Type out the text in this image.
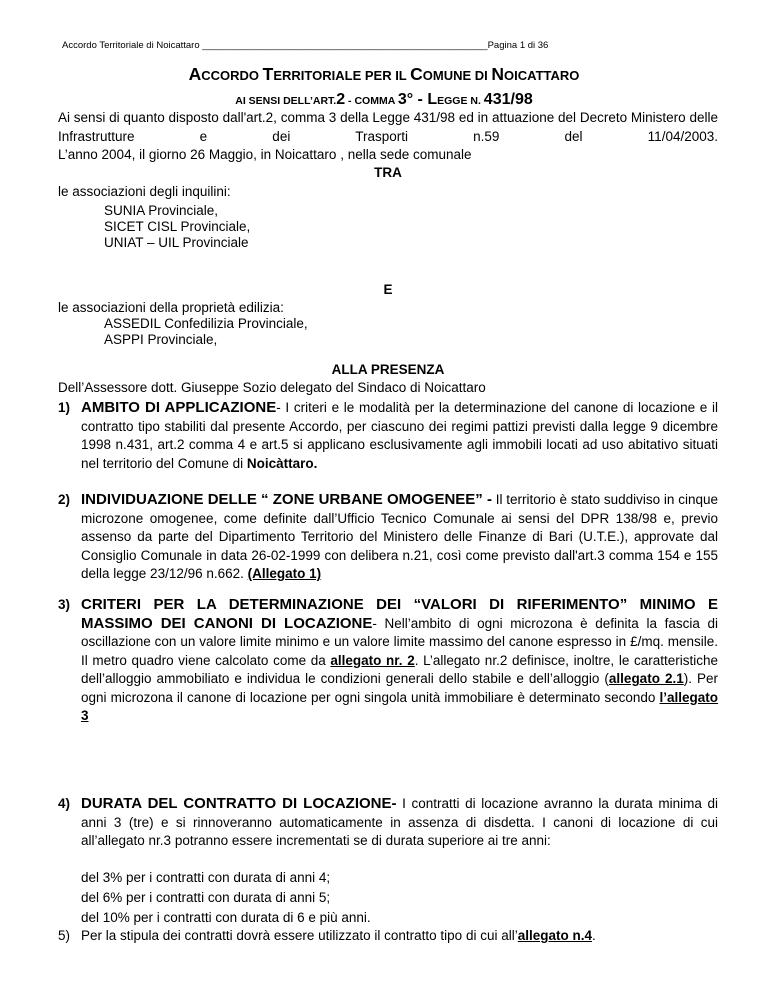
Accordo Territoriale di Noicattaro ______________________________________________________Pagina 1 di 36
ACCORDO TERRITORIALE PER IL COMUNE DI NOICATTARO
AI SENSI DELL’ART.2 - COMMA 3° - LEGGE N. 431/98
Ai sensi di quanto disposto dall'art.2, comma 3 della Legge 431/98 ed in attuazione del Decreto Ministero delle Infrastrutture e dei Trasporti n.59 del 11/04/2003.
L’anno 2004, il giorno 26 Maggio, in Noicattaro , nella sede comunale
TRA
le associazioni degli inquilini:
SUNIA Provinciale,
SICET CISL Provinciale,
UNIAT – UIL Provinciale
E
le associazioni della proprietà edilizia:
ASSEDIL Confedilizia Provinciale,
ASPPI Provinciale,
ALLA PRESENZA
Dell’Assessore dott. Giuseppe Sozio delegato del Sindaco di Noicattaro
1) AMBITO DI APPLICAZIONE- I criteri e le modalità per la determinazione del canone di locazione e il contratto tipo stabiliti dal presente Accordo, per ciascuno dei regimi pattizi previsti dalla legge 9 dicembre 1998 n.431, art.2 comma 4 e art.5 si applicano esclusivamente agli immobili locati ad uso abitativo situati nel territorio del Comune di Noicàttaro.
2) INDIVIDUAZIONE DELLE “ ZONE URBANE OMOGENEE” - Il territorio è stato suddiviso in cinque microzone omogenee, come definite dall’Ufficio Tecnico Comunale ai sensi del DPR 138/98 e, previo assenso da parte del Dipartimento Territorio del Ministero delle Finanze di Bari (U.T.E.), approvate dal Consiglio Comunale in data 26-02-1999 con delibera n.21, così come previsto dall'art.3 comma 154 e 155 della legge 23/12/96 n.662. (Allegato 1)
3) CRITERI PER LA DETERMINAZIONE DEI “VALORI DI RIFERIMENTO” MINIMO E MASSIMO DEI CANONI DI LOCAZIONE- Nell’ambito di ogni microzona è definita la fascia di oscillazione con un valore limite minimo e un valore limite massimo del canone espresso in £/mq. mensile. Il metro quadro viene calcolato come da allegato nr. 2. L’allegato nr.2 definisce, inoltre, le caratteristiche dell’alloggio ammobiliato e individua le condizioni generali dello stabile e dell’alloggio (allegato 2.1). Per ogni microzona il canone di locazione per ogni singola unità immobiliare è determinato secondo l’allegato 3
4) DURATA DEL CONTRATTO DI LOCAZIONE- I contratti di locazione avranno la durata minima di anni 3 (tre) e si rinnoveranno automaticamente in assenza di disdetta. I canoni di locazione di cui all’allegato nr.3 potranno essere incrementati se di durata superiore ai tre anni:
del 3% per i contratti con durata di anni 4;
del 6% per i contratti con durata di anni 5;
del 10% per i contratti con durata di 6 e più anni.
5) Per la stipula dei contratti dovrà essere utilizzato il contratto tipo di cui all’allegato n.4.
